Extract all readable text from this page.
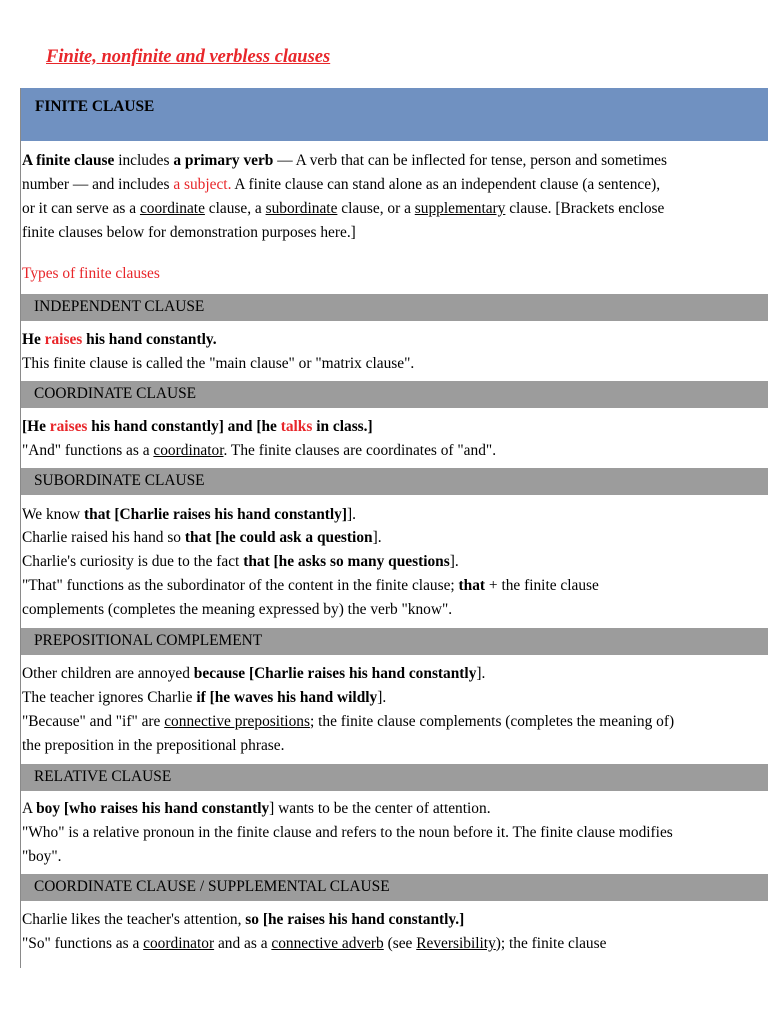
Finite, nonfinite and verbless clauses
FINITE CLAUSE

A finite clause includes a primary verb — A verb that can be inflected for tense, person and sometimes

number — and includes a subject. A finite clause can stand alone as an independent clause (a sentence),

or it can serve as a coordinate clause, a subordinate clause, or a supplementary clause. [Brackets enclose

finite clauses below for demonstration purposes here.]

Types of finite clauses
INDEPENDENT CLAUSE

He raises his hand constantly.

This finite clause is called the "main clause" or "matrix clause".

COORDINATE CLAUSE

[He raises his hand constantly] and [he talks in class.]

"And" functions as a coordinator. The finite clauses are coordinates of "and".

SUBORDINATE CLAUSE

We know that [Charlie raises his hand constantly]].

Charlie raised his hand so that [he could ask a question].

Charlie's curiosity is due to the fact that [he asks so many questions].

"That" functions as the subordinator of the content in the finite clause; that + the finite clause

complements (completes the meaning expressed by) the verb "know".

PREPOSITIONAL COMPLEMENT

Other children are annoyed because [Charlie raises his hand constantly].

The teacher ignores Charlie if [he waves his hand wildly].

"Because" and "if" are connective prepositions; the finite clause complements (completes the meaning of)

the preposition in the prepositional phrase.

RELATIVE CLAUSE

A boy [who raises his hand constantly] wants to be the center of attention.

"Who" is a relative pronoun in the finite clause and refers to the noun before it. The finite clause modifies

"boy".

COORDINATE CLAUSE / SUPPLEMENTAL CLAUSE

Charlie likes the teacher's attention, so [he raises his hand constantly.]

"So" functions as a coordinator and as a connective adverb (see Reversibility); the finite clause
